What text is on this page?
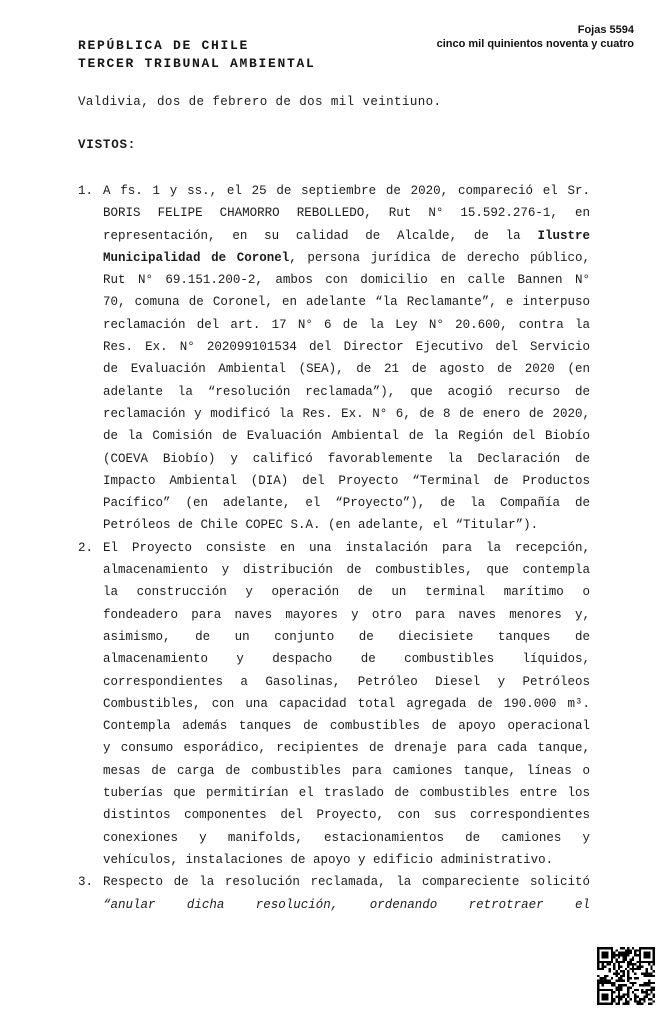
Fojas 5594
cinco mil quinientos noventa y cuatro
REPÚBLICA DE CHILE
TERCER TRIBUNAL AMBIENTAL
Valdivia, dos de febrero de dos mil veintiuno.
VISTOS:
1. A fs. 1 y ss., el 25 de septiembre de 2020, compareció el Sr.
BORIS FELIPE CHAMORRO REBOLLEDO, Rut N° 15.592.276-1, en
representación, en su calidad de Alcalde, de la Ilustre
Municipalidad de Coronel, persona jurídica de derecho público,
Rut N° 69.151.200-2, ambos con domicilio en calle Bannen N°
70, comuna de Coronel, en adelante “la Reclamante”, e interpuso
reclamación del art. 17 N° 6 de la Ley N° 20.600, contra la
Res. Ex. N° 202099101534 del Director Ejecutivo del Servicio
de Evaluación Ambiental (SEA), de 21 de agosto de 2020 (en
adelante la “resolución reclamada”), que acogió recurso de
reclamación y modificó la Res. Ex. N° 6, de 8 de enero de 2020,
de la Comisión de Evaluación Ambiental de la Región del Biobío
(COEVA Biobío) y calificó favorablemente la Declaración de
Impacto Ambiental (DIA) del Proyecto “Terminal de Productos
Pacífico” (en adelante, el “Proyecto”), de la Compañía de
Petróleos de Chile COPEC S.A. (en adelante, el “Titular”).
2. El Proyecto consiste en una instalación para la recepción,
almacenamiento y distribución de combustibles, que contempla
la construcción y operación de un terminal marítimo o
fondeadero para naves mayores y otro para naves menores y,
asimismo, de un conjunto de diecisiete tanques de
almacenamiento y despacho de combustibles líquidos,
correspondientes a Gasolinas, Petróleo Diesel y Petróleos
Combustibles, con una capacidad total agregada de 190.000 m³.
Contempla además tanques de combustibles de apoyo operacional
y consumo esporádico, recipientes de drenaje para cada tanque,
mesas de carga de combustibles para camiones tanque, líneas o
tuberías que permitirían el traslado de combustibles entre los
distintos componentes del Proyecto, con sus correspondientes
conexiones y manifolds, estacionamientos de camiones y
vehículos, instalaciones de apoyo y edificio administrativo.
3. Respecto de la resolución reclamada, la compareciente solicitó
“anular dicha resolución, ordenando retrotraer el
